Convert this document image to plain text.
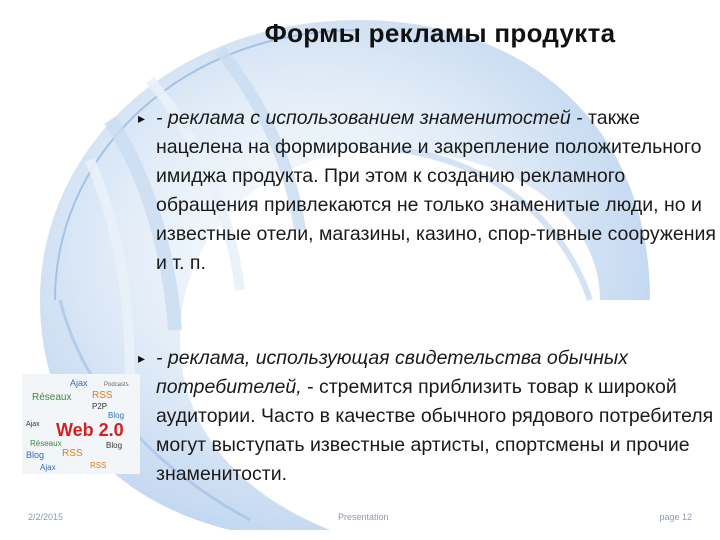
Формы рекламы продукта
▸ - реклама с использованием знаменитостей - также нацелена на формирование и закрепление положительного имиджа продукта. При этом к созданию рекламного обращения привлекаются не только знаменитые люди, но и известные отели, магазины, казино, спор-тивные сооружения и т. п.
▸ - реклама, использующая свидетельства обычных потребителей, - стремится приблизить товар к широкой аудитории. Часто в качестве обычного рядового потребителя могут выступать известные артисты, спортсмены и прочие знаменитости.
Ajax	Podcasts
RSS
Réseaux
P2P
Blog
Web 2.0
Ajax
Réseaux
Blog RSS
Blog
Ajax	RSS
2/2/2015	Presentation	page 12
